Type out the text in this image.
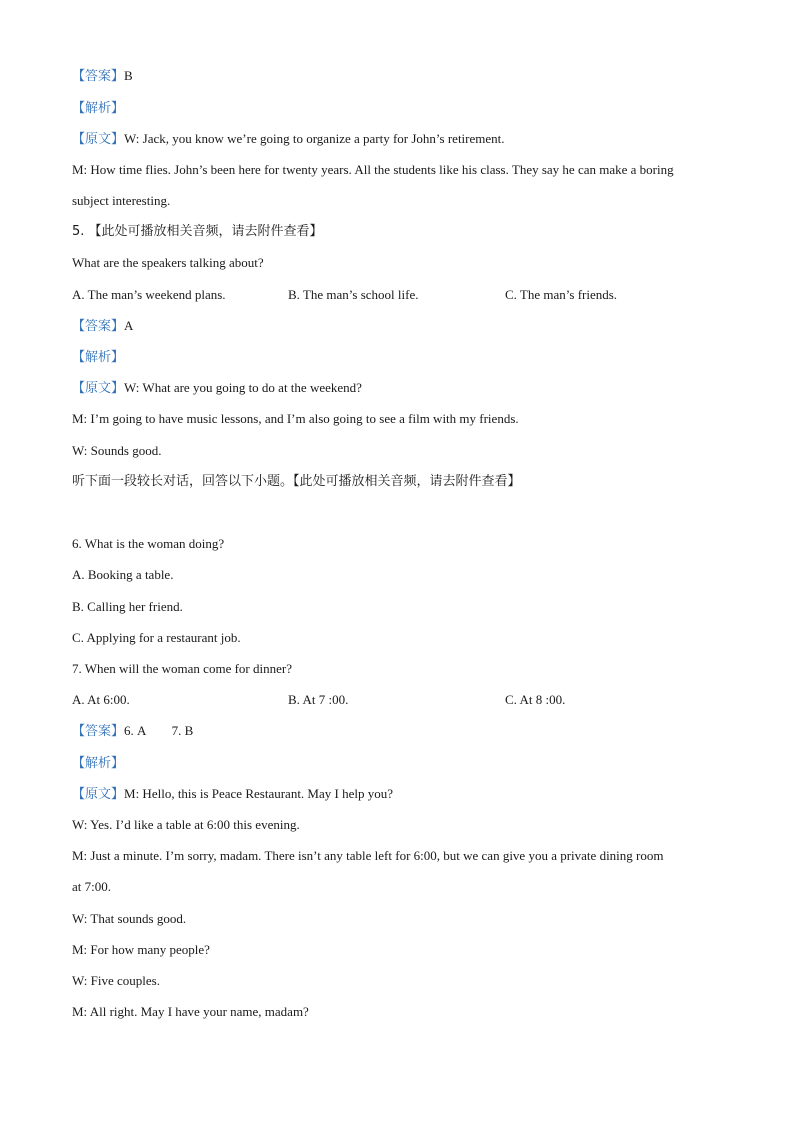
【答案】B
【解析】
【原文】W: Jack, you know we’re going to organize a party for John’s retirement.
M: How time flies. John’s been here for twenty years. All the students like his class. They say he can make a boring
subject interesting.
5. 【此处可播放相关音频，请去附件查看】
What are the speakers talking about?
A. The man’s weekend plans.	B. The man’s school life.	C. The man’s friends.
【答案】A
【解析】
【原文】W: What are you going to do at the weekend?
M: I’m going to have music lessons, and I’m also going to see a film with my friends.
W: Sounds good.
听下面一段较长对话，回答以下小题。【此处可播放相关音频，请去附件查看】
6. What is the woman doing?
A. Booking a table.
B. Calling her friend.
C. Applying for a restaurant job.
7. When will the woman come for dinner?
A. At 6:00.	B. At 7 :00.	C. At 8 :00.
【答案】6. A        7. B
【解析】
【原文】M: Hello, this is Peace Restaurant. May I help you?
W: Yes. I’d like a table at 6:00 this evening.
M: Just a minute. I’m sorry, madam. There isn’t any table left for 6:00, but we can give you a private dining room
at 7:00.
W: That sounds good.
M: For how many people?
W: Five couples.
M: All right. May I have your name, madam?
